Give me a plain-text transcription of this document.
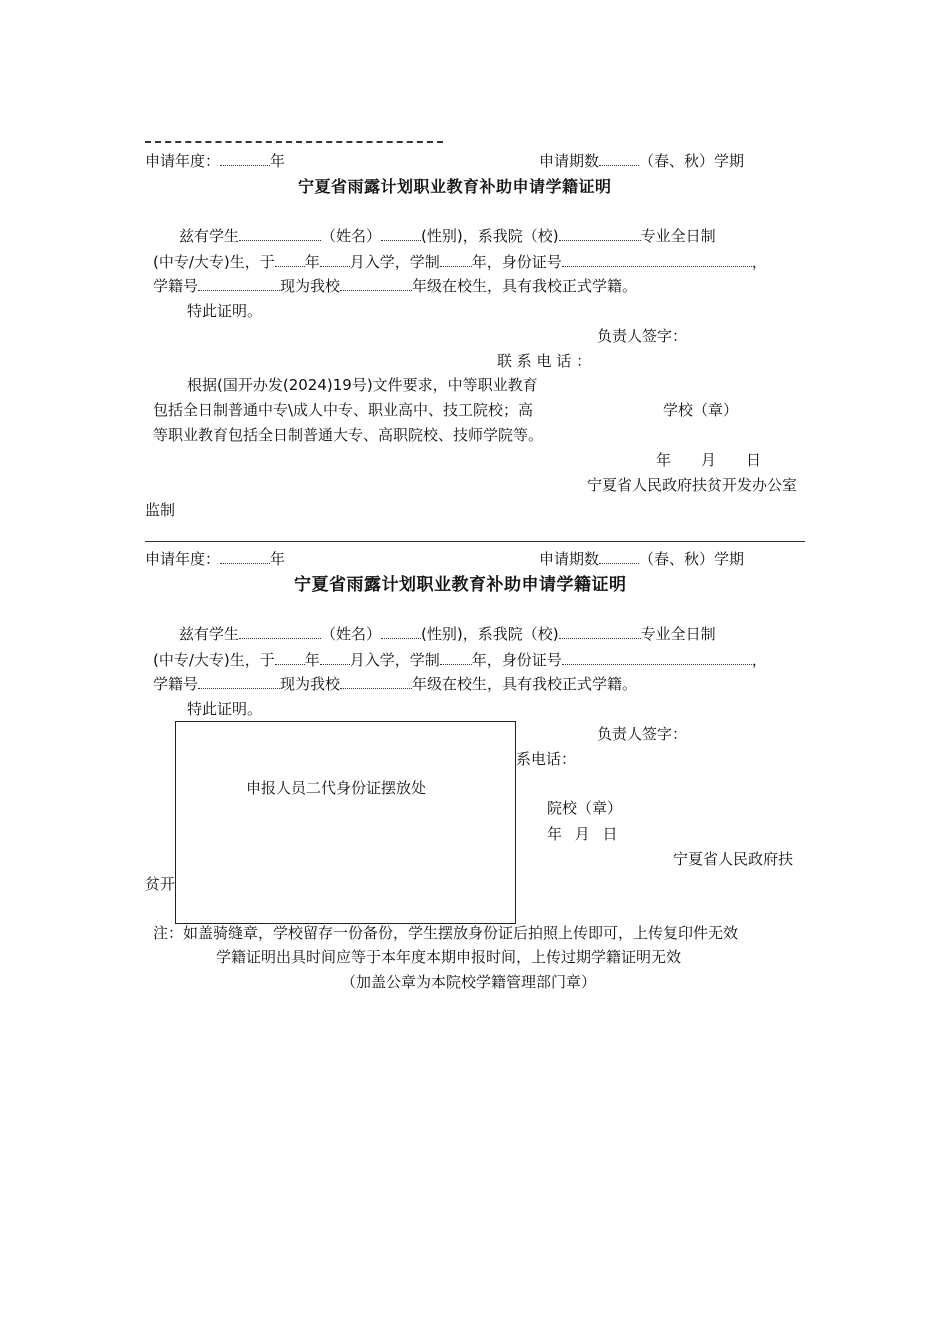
申请年度：	年	申请期数	（春、秋）学期
宁夏省雨露计划职业教育补助申请学籍证明
兹有学生	（姓名）	(性别)，系我院（校)	专业全日制
(中专/大专)生，于 年 月入学，学制 年，身份证号	，
学籍号	现为我校	年级在校生，具有我校正式学籍。
特此证明。
负责人签字：
联 系 电 话 ：
根据(国开办发(2024)19号)文件要求，中等职业教育
包括全日制普通中专\成人中专、职业高中、技工院校；高	学校（章）
等职业教育包括全日制普通大专、高职院校、技师学院等。
年　　月　　日
宁夏省人民政府扶贫开发办公室
监制
申请年度：	年	申请期数	（春、秋）学期
宁夏省雨露计划职业教育补助申请学籍证明
兹有学生	（姓名）	(性别)，系我院（校)	专业全日制
(中专/大专)生，于 年 月入学，学制 年，身份证号	，
学籍号	现为我校	年级在校生，具有我校正式学籍。
特此证明。
负责人签字：
系电话：
院校（章）
年 月 日
宁夏省人民政府扶
贫开
申报人员二代身份证摆放处
注：如盖骑缝章，学校留存一份备份，学生摆放身份证后拍照上传即可，上传复印件无效
学籍证明出具时间应等于本年度本期申报时间，上传过期学籍证明无效
（加盖公章为本院校学籍管理部门章）
